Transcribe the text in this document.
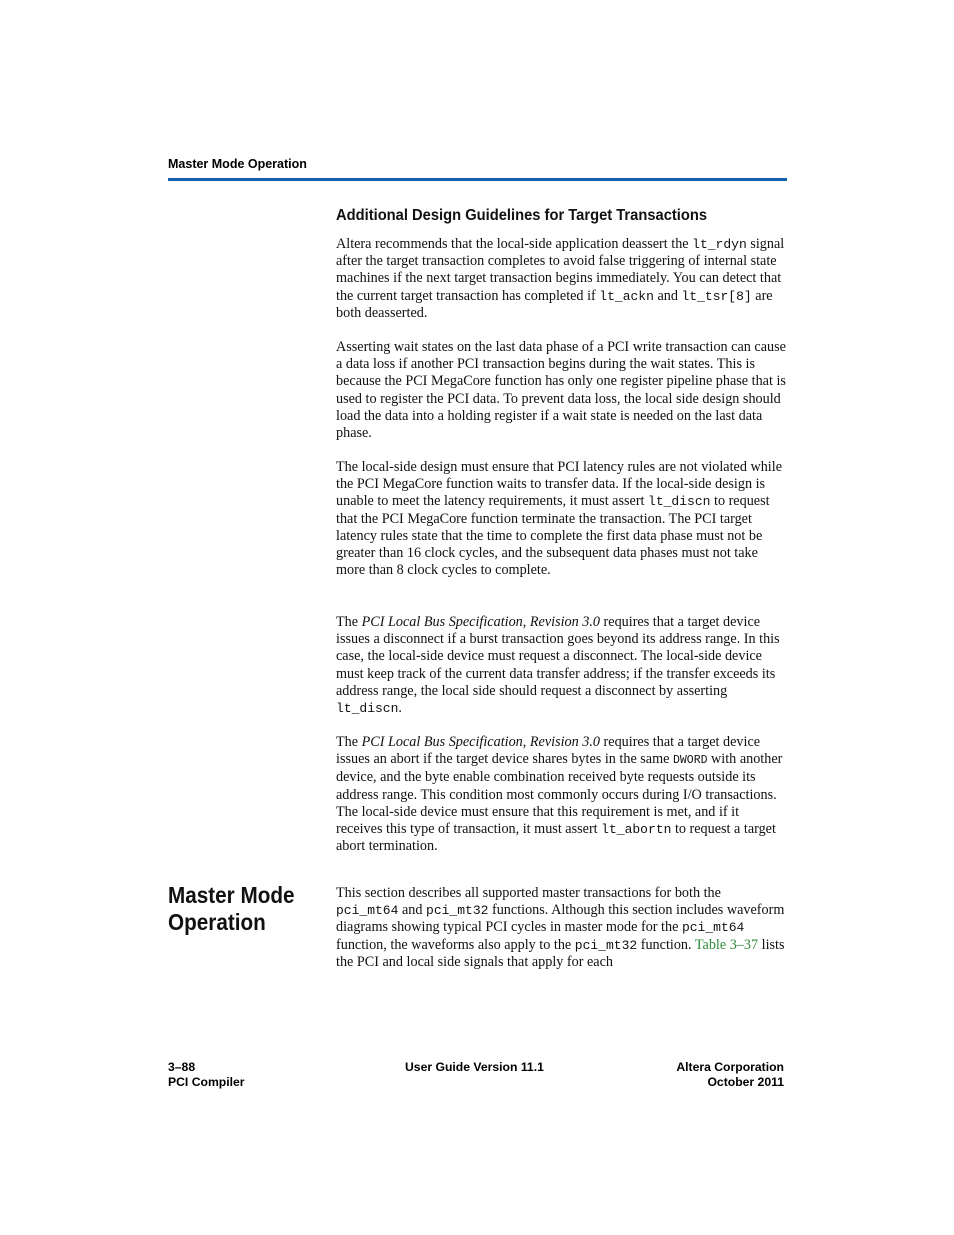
Master Mode Operation
Additional Design Guidelines for Target Transactions

Altera recommends that the local-side application deassert the lt_rdyn signal after the target transaction completes to avoid false triggering of internal state machines if the next target transaction begins immediately. You can detect that the current target transaction has completed if lt_ackn and lt_tsr[8] are both deasserted.

Asserting wait states on the last data phase of a PCI write transaction can cause a data loss if another PCI transaction begins during the wait states. This is because the PCI MegaCore function has only one register pipeline phase that is used to register the PCI data. To prevent data loss, the local side design should load the data into a holding register if a wait state is needed on the last data phase.

The local-side design must ensure that PCI latency rules are not violated while the PCI MegaCore function waits to transfer data. If the local-side design is unable to meet the latency requirements, it must assert lt_discn to request that the PCI MegaCore function terminate the transaction. The PCI target latency rules state that the time to complete the first data phase must not be greater than 16 clock cycles, and the subsequent data phases must not take more than 8 clock cycles to complete.

The PCI Local Bus Specification, Revision 3.0 requires that a target device issues a disconnect if a burst transaction goes beyond its address range. In this case, the local-side device must request a disconnect. The local-side device must keep track of the current data transfer address; if the transfer exceeds its address range, the local side should request a disconnect by asserting lt_discn.

The PCI Local Bus Specification, Revision 3.0 requires that a target device issues an abort if the target device shares bytes in the same DWORD with another device, and the byte enable combination received byte requests outside its address range. This condition most commonly occurs during I/O transactions. The local-side device must ensure that this requirement is met, and if it receives this type of transaction, it must assert lt_abortn to request a target abort termination.

Master Mode
Operation

This section describes all supported master transactions for both the pci_mt64 and pci_mt32 functions. Although this section includes waveform diagrams showing typical PCI cycles in master mode for the pci_mt64 function, the waveforms also apply to the pci_mt32 function. Table 3–37 lists the PCI and local side signals that apply for each

3–88
PCI Compiler
User Guide Version 11.1	Altera Corporation
October 2011
